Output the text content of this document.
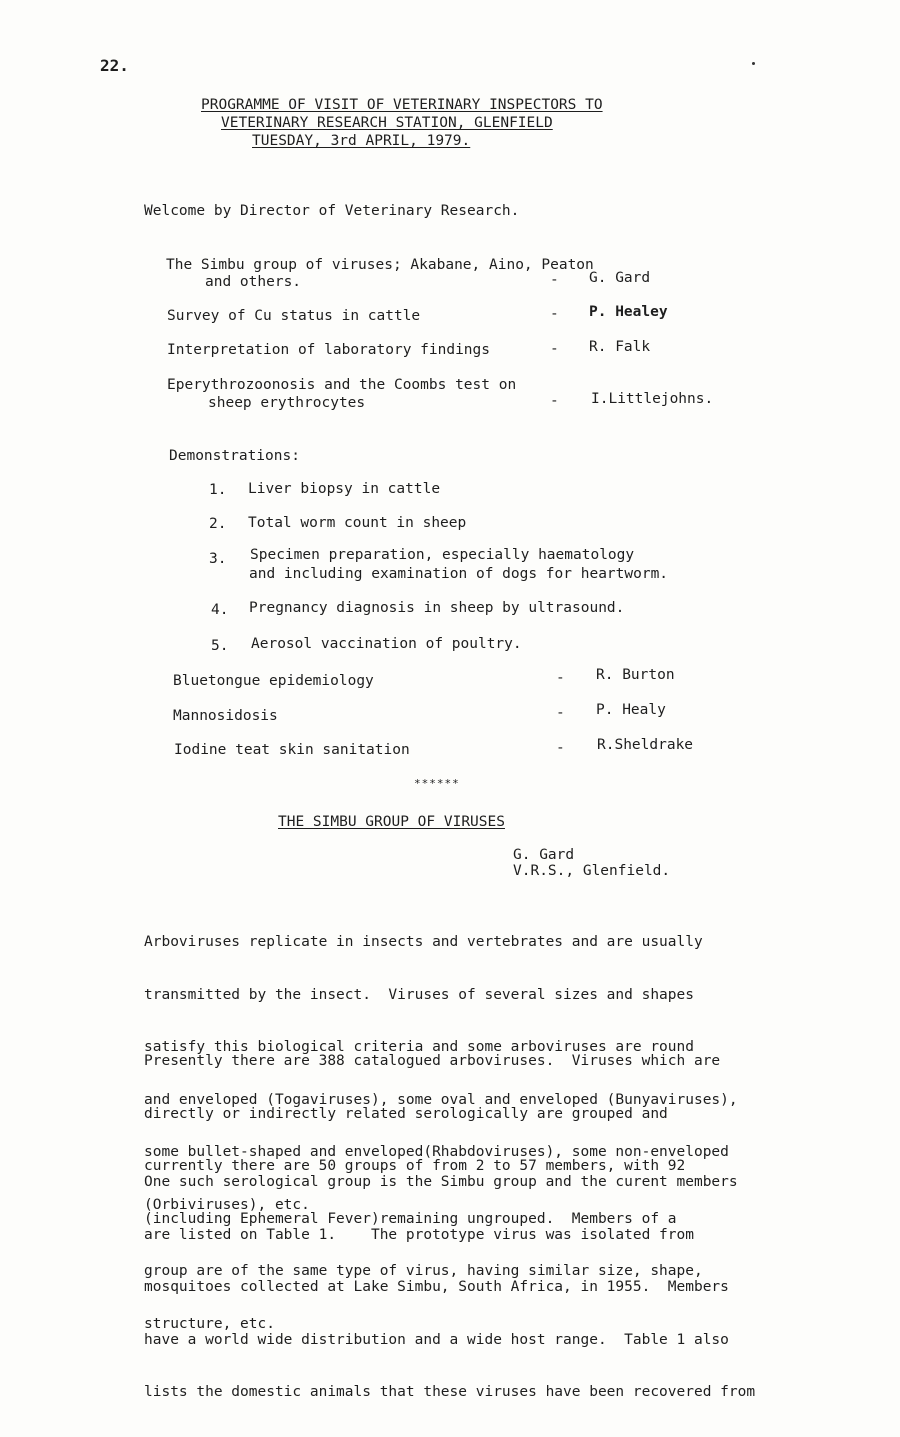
22.
PROGRAMME OF VISIT OF VETERINARY INSPECTORS TO
VETERINARY RESEARCH STATION, GLENFIELD
TUESDAY, 3rd APRIL, 1979.
Welcome by Director of Veterinary Research.
The Simbu group of viruses; Akabane, Aino, Peaton
and others.	- G. Gard
Survey of Cu status in cattle	- P. Healey
Interpretation of laboratory findings	- R. Falk
Eperythrozoonosis and the Coombs test on
sheep erythrocytes	- I.Littlejohns.
Demonstrations:
1. Liver biopsy in cattle
2. Total worm count in sheep
3. Specimen preparation, especially haematology
and including examination of dogs for heartworm.
4. Pregnancy diagnosis in sheep by ultrasound.
5. Aerosol vaccination of poultry.
Bluetongue epidemiology	- R. Burton
Mannosidosis	- P. Healy
Iodine teat skin sanitation	- R.Sheldrake
******
THE SIMBU GROUP OF VIRUSES
G. Gard
V.R.S., Glenfield.

Arboviruses replicate in insects and vertebrates and are usually

transmitted by the insect.  Viruses of several sizes and shapes

satisfy this biological criteria and some arboviruses are round

and enveloped (Togaviruses), some oval and enveloped (Bunyaviruses),

some bullet-shaped and enveloped(Rhabdoviruses), some non-enveloped

(Orbiviruses), etc.

Presently there are 388 catalogued arboviruses.  Viruses which are

directly or indirectly related serologically are grouped and

currently there are 50 groups of from 2 to 57 members, with 92

(including Ephemeral Fever)remaining ungrouped.  Members of a

group are of the same type of virus, having similar size, shape,

structure, etc.

One such serological group is the Simbu group and the curent members

are listed on Table 1.    The prototype virus was isolated from

mosquitoes collected at Lake Simbu, South Africa, in 1955.  Members

have a world wide distribution and a wide host range.  Table 1 also

lists the domestic animals that these viruses have been recovered from
